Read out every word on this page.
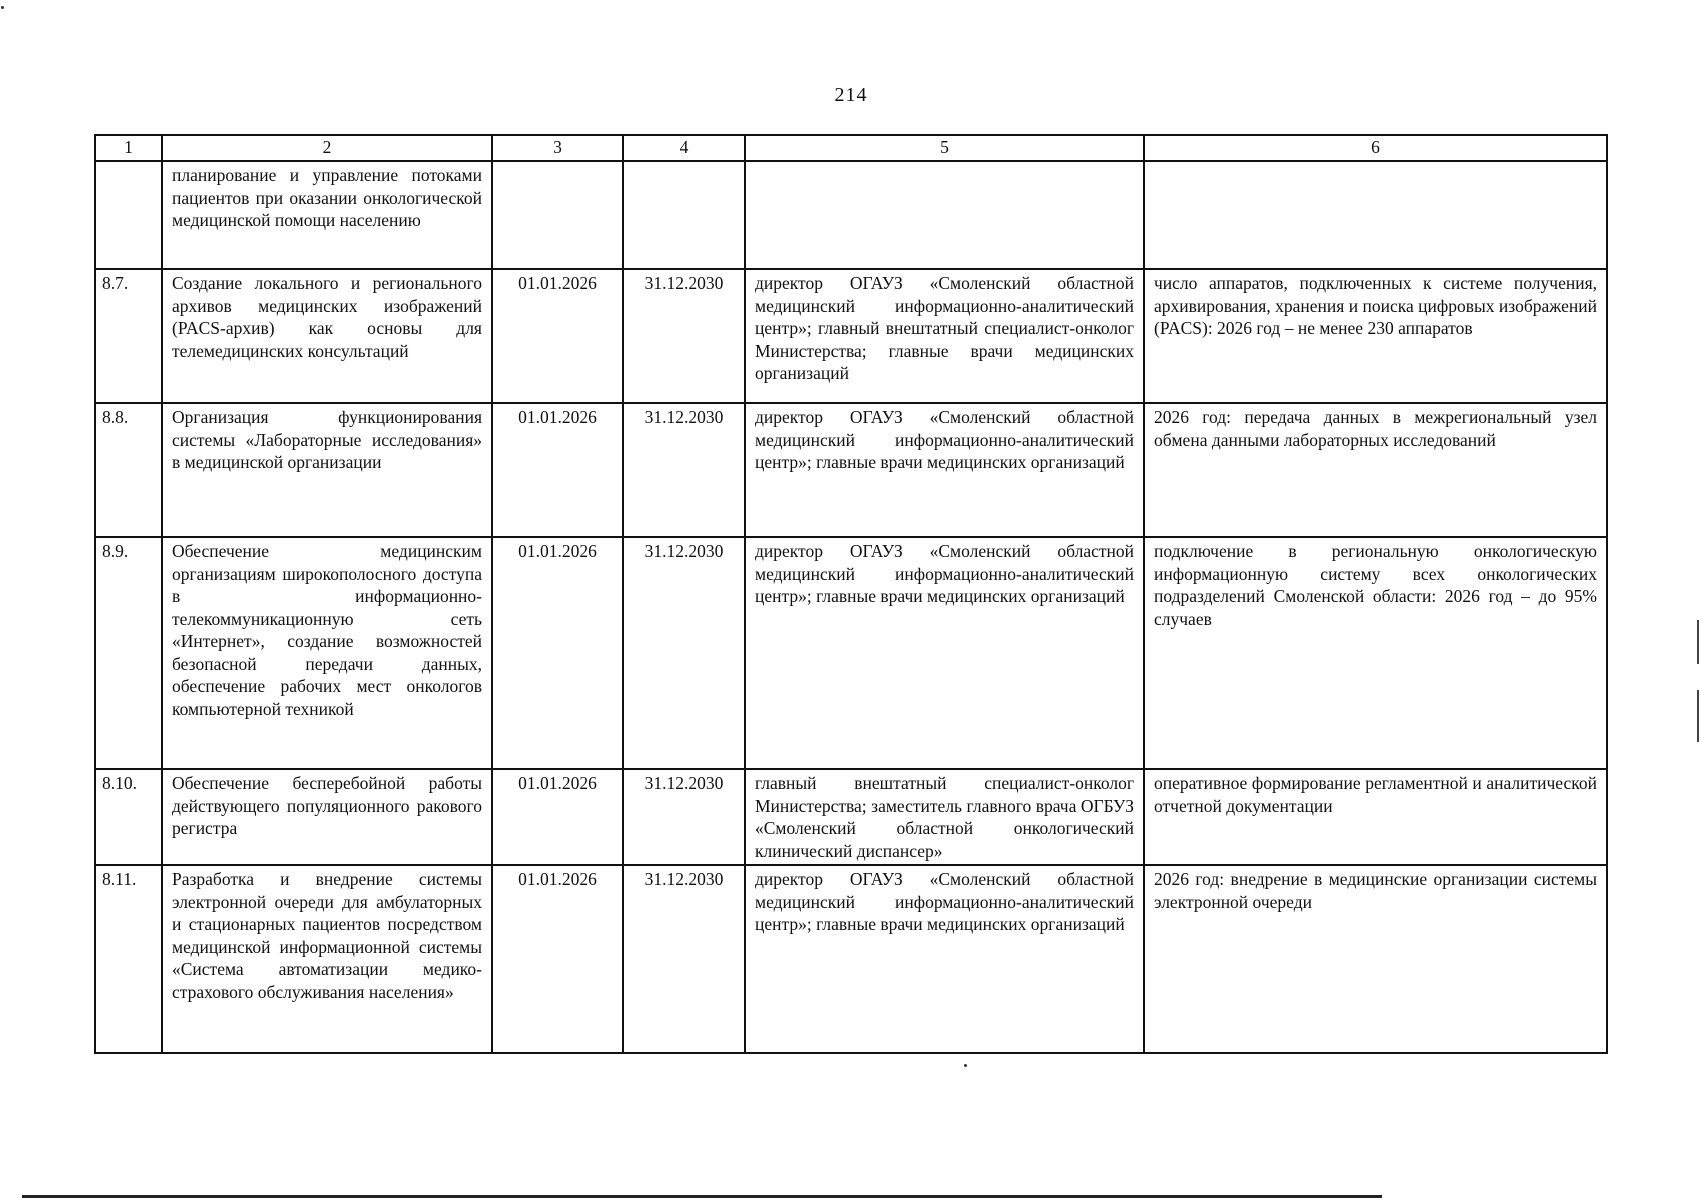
214
1	2	3	4	5	6
	планирование и управление потоками пациентов при оказании онкологической медицинской помощи населению				
8.7.	Создание локального и регионального архивов медицинских изображений (PACS-архив) как основы для телемедицинских консультаций	01.01.2026	31.12.2030	директор ОГАУЗ «Смоленский областной медицинский информационно-аналитический центр»; главный внештатный специалист-онколог Министерства; главные врачи медицинских организаций	число аппаратов, подключенных к системе получения, архивирования, хранения и поиска цифровых изображений (PACS): 2026 год – не менее 230 аппаратов
8.8.	Организация функционирования системы «Лабораторные исследования» в медицинской организации	01.01.2026	31.12.2030	директор ОГАУЗ «Смоленский областной медицинский информационно-аналитический центр»; главные врачи медицинских организаций	2026 год: передача данных в межрегиональный узел обмена данными лабораторных исследований
8.9.	Обеспечение медицинским организациям широкополосного доступа в информационно-телекоммуникационную сеть «Интернет», создание возможностей безопасной передачи данных, обеспечение рабочих мест онкологов компьютерной техникой	01.01.2026	31.12.2030	директор ОГАУЗ «Смоленский областной медицинский информационно-аналитический центр»; главные врачи медицинских организаций	подключение в региональную онкологическую информационную систему всех онкологических подразделений Смоленской области: 2026 год – до 95% случаев
8.10.	Обеспечение бесперебойной работы действующего популяционного ракового регистра	01.01.2026	31.12.2030	главный внештатный специалист-онколог Министерства; заместитель главного врача ОГБУЗ «Смоленский областной онкологический клинический диспансер»	оперативное формирование регламентной и аналитической отчетной документации
8.11.	Разработка и внедрение системы электронной очереди для амбулаторных и стационарных пациентов посредством медицинской информационной системы «Система автоматизации медико-страхового обслуживания населения»	01.01.2026	31.12.2030	директор ОГАУЗ «Смоленский областной медицинский информационно-аналитический центр»; главные врачи медицинских организаций	2026 год: внедрение в медицинские организации системы электронной очереди
